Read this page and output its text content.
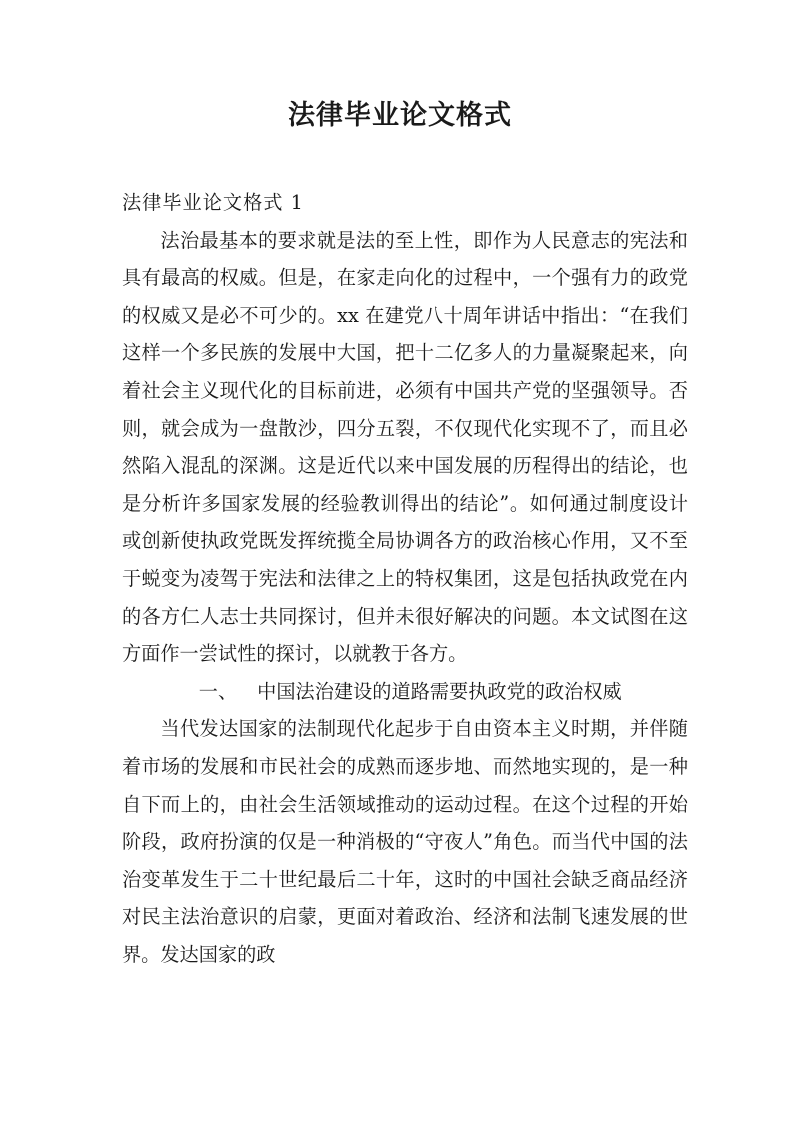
法律毕业论文格式

法律毕业论文格式 1

法治最基本的要求就是法的至上性，即作为人民意志的宪法和具有最高的权威。但是，在家走向化的过程中，一个强有力的政党的权威又是必不可少的。xx 在建党八十周年讲话中指出：“在我们这样一个多民族的发展中大国，把十二亿多人的力量凝聚起来，向着社会主义现代化的目标前进，必须有中国共产党的坚强领导。否则，就会成为一盘散沙，四分五裂，不仅现代化实现不了，而且必然陷入混乱的深渊。这是近代以来中国发展的历程得出的结论，也是分析许多国家发展的经验教训得出的结论”。如何通过制度设计或创新使执政党既发挥统揽全局协调各方的政治核心作用，又不至于蜕变为凌驾于宪法和法律之上的特权集团，这是包括执政党在内的各方仁人志士共同探讨，但并未很好解决的问题。本文试图在这方面作一尝试性的探讨，以就教于各方。

一、 中国法治建设的道路需要执政党的政治权威

当代发达国家的法制现代化起步于自由资本主义时期，并伴随着市场的发展和市民社会的成熟而逐步地、而然地实现的，是一种自下而上的，由社会生活领域推动的运动过程。在这个过程的开始阶段，政府扮演的仅是一种消极的“守夜人”角色。而当代中国的法治变革发生于二十世纪最后二十年，这时的中国社会缺乏商品经济对民主法治意识的启蒙，更面对着政治、经济和法制飞速发展的世界。发达国家的政
